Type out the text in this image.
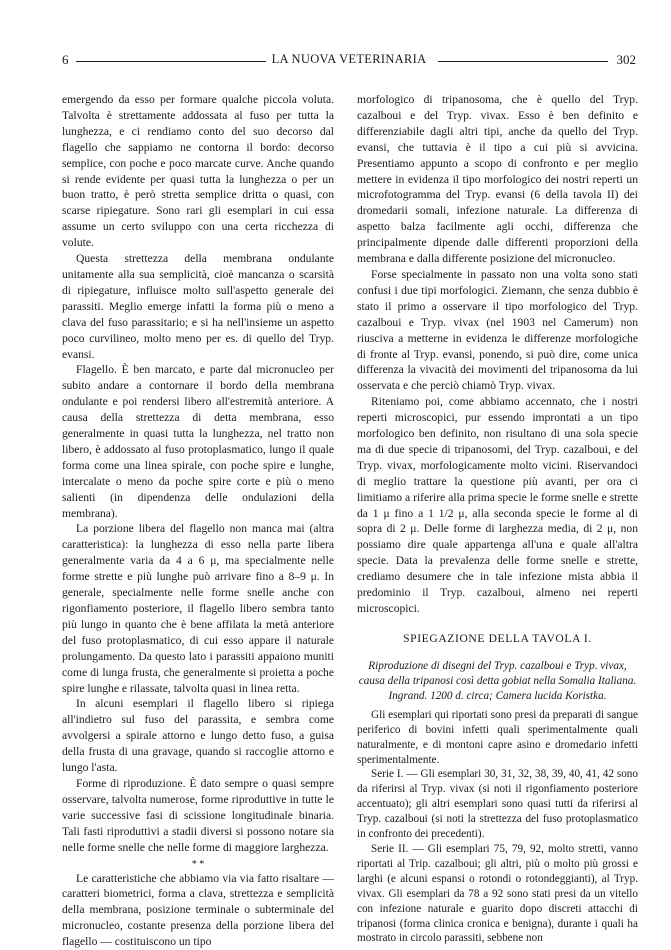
6	LA NUOVA VETERINARIA	302

emergendo da esso per formare qualche piccola voluta. Talvolta è strettamente addossata al fuso per tutta la lunghezza, e ci rendiamo conto del suo decorso dal flagello che sappiamo ne contorna il bordo: decorso semplice, con poche e poco marcate curve. Anche quando si rende evidente per quasi tutta la lunghezza o per un buon tratto, è però stretta semplice dritta o quasi, con scarse ripiegature. Sono rari gli esemplari in cui essa assume un certo sviluppo con una certa ricchezza di volute.

Questa strettezza della membrana ondulante unitamente alla sua semplicità, cioè mancanza o scarsità di ripiegature, influisce molto sull'aspetto generale dei parassiti. Meglio emerge infatti la forma più o meno a clava del fuso parassitario; e si ha nell'insieme un aspetto poco curvilineo, molto meno per es. di quello del Tryp. evansi.

Flagello. È ben marcato, e parte dal micronucleo per subito andare a contornare il bordo della membrana ondulante e poi rendersi libero all'estremità anteriore. A causa della strettezza di detta membrana, esso generalmente in quasi tutta la lunghezza, nel tratto non libero, è addossato al fuso protoplasmatico, lungo il quale forma come una linea spirale, con poche spire e lunghe, intercalate o meno da poche spire corte e più o meno salienti (in dipendenza delle ondulazioni della membrana).

La porzione libera del flagello non manca mai (altra caratteristica): la lunghezza di esso nella parte libera generalmente varia da 4 a 6 μ, ma specialmente nelle forme strette e più lunghe può arrivare fino a 8–9 μ. In generale, specialmente nelle forme snelle anche con rigonfiamento posteriore, il flagello libero sembra tanto più lungo in quanto che è bene affilata la metà anteriore del fuso protoplasmatico, di cui esso appare il naturale prolungamento. Da questo lato i parassiti appaiono muniti come di lunga frusta, che generalmente si proietta a poche spire lunghe e rilassate, talvolta quasi in linea retta.

In alcuni esemplari il flagello libero si ripiega all'indietro sul fuso del parassita, e sembra come avvolgersi a spirale attorno e lungo detto fuso, a guisa della frusta di una gravage, quando si raccoglie attorno e lungo l'asta.

Forme di riproduzione. È dato sempre o quasi sempre osservare, talvolta numerose, forme riproduttive in tutte le varie successive fasi di scissione longitudinale binaria. Tali fasti riproduttivi a stadii diversi si possono notare sia nelle forme snelle che nelle forme di maggiore larghezza.

* *

Le caratteristiche che abbiamo via via fatto risaltare — caratteri biometrici, forma a clava, strettezza e semplicità della membrana, posizione terminale o subterminale del micronucleo, costante presenza della porzione libera del flagello — costituiscono un tipo

morfologico di tripanosoma, che è quello del Tryp. cazalboui e del Tryp. vivax. Esso è ben definito e differenziabile dagli altri tipi, anche da quello del Tryp. evansi, che tuttavia è il tipo a cui più si avvicina. Presentiamo appunto a scopo di confronto e per meglio mettere in evidenza il tipo morfologico dei nostri reperti un microfotogramma del Tryp. evansi (6 della tavola II) dei dromedarii somali, infezione naturale. La differenza di aspetto balza facilmente agli occhi, differenza che principalmente dipende dalle differenti proporzioni della membrana e dalla differente posizione del micronucleo.

Forse specialmente in passato non una volta sono stati confusi i due tipi morfologici. Ziemann, che senza dubbio è stato il primo a osservare il tipo morfologico del Tryp. cazalboui e Tryp. vivax (nel 1903 nel Camerum) non riusciva a metterne in evidenza le differenze morfologiche di fronte al Tryp. evansi, ponendo, si può dire, come unica differenza la vivacità dei movimenti del tripanosoma da lui osservata e che perciò chiamò Tryp. vivax.

Riteniamo poi, come abbiamo accennato, che i nostri reperti microscopici, pur essendo improntati a un tipo morfologico ben definito, non risultano di una sola specie ma di due specie di tripanosomi, del Tryp. cazalboui, e del Tryp. vivax, morfologicamente molto vicini. Riservandoci di meglio trattare la questione più avanti, per ora ci limitiamo a riferire alla prima specie le forme snelle e strette da 1 μ fino a 1 1/2 μ, alla seconda specie le forme al di sopra di 2 μ. Delle forme di larghezza media, di 2 μ, non possiamo dire quale appartenga all'una e quale all'altra specie. Data la prevalenza delle forme snelle e strette, crediamo desumere che in tale infezione mista abbia il predominio il Tryp. cazalboui, almeno nei reperti microscopici.

SPIEGAZIONE DELLA TAVOLA I.

Riproduzione di disegni del Tryp. cazalboui e Tryp. vivax, causa della tripanosi così detta gobiat nella Somalia Italiana. Ingrand. 1200 d. circa; Camera lucida Koristka.

Gli esemplari qui riportati sono presi da preparati di sangue periferico di bovini infetti quali sperimentalmente quali naturalmente, e di montoni capre asino e dromedario infetti sperimentalmente.

Serie I. — Gli esemplari 30, 31, 32, 38, 39, 40, 41, 42 sono da riferirsi al Tryp. vivax (si noti il rigonfiamento posteriore accentuato); gli altri esemplari sono quasi tutti da riferirsi al Tryp. cazalboui (si noti la strettezza del fuso protoplasmatico in confronto dei precedenti).

Serie II. — Gli esemplari 75, 79, 92, molto stretti, vanno riportati al Trip. cazalboui; gli altri, più o molto più grossi e larghi (e alcuni espansi o rotondi o rotondeggianti), al Tryp. vivax. Gli esemplari da 78 a 92 sono stati presi da un vitello con infezione naturale e guarito dopo discreti attacchi di tripanosi (forma clinica cronica e benigna), durante i quali ha mostrato in circolo parassiti, sebbene non
